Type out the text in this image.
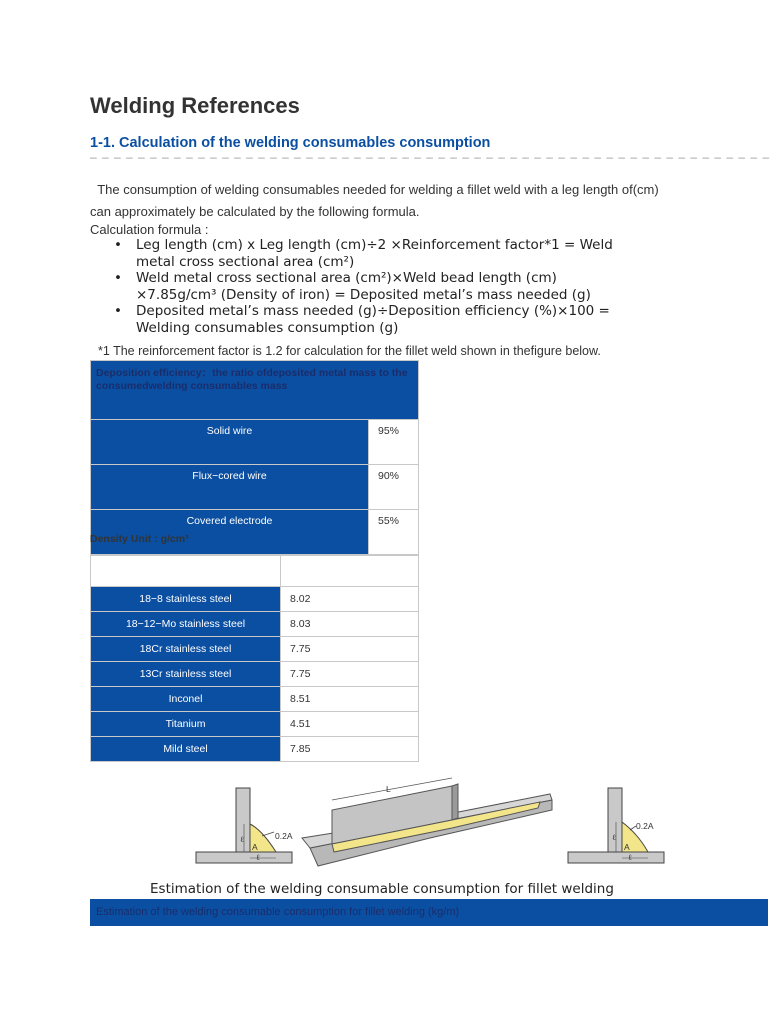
Welding References
1-1. Calculation of the welding consumables consumption
– – – – – – – – – – – – – – – – – – – – – – – – – – – – – – – – – – – – – – – – – – – – – – – – – – – – – – – – –
The consumption of welding consumables needed for welding a fillet weld with a leg length of(cm) can approximately be calculated by the following formula.
Calculation formula :
• Leg length (cm) x Leg length (cm)÷2 ×Reinforcement factor*1 = Weld metal cross sectional area (cm²)
• Weld metal cross sectional area (cm²)×Weld bead length (cm) ×7.85g/cm³ (Density of iron) = Deposited metal’s mass needed (g)
• Deposited metal’s mass needed (g)÷Deposition efficiency (%)×100 = Welding consumables consumption (g)
*1 The reinforcement factor is 1.2 for calculation for the fillet weld shown in thefigure below.
Deposition efficiency：the ratio ofdeposited metal mass to the consumedwelding consumables mass	
Solid wire	95%
Flux−cored wire	90%
Covered electrode	55%
Density Unit : g/cm³

18−8 stainless steel	8.02
18−12−Mo stainless steel	8.03
18Cr stainless steel	7.75
13Cr stainless steel	7.75
Inconel	8.51
Titanium	4.51
Mild steel	7.85
0.2A
A
ℓ
ℓ
L
0.2A
A
ℓ
ℓ
Estimation of the welding consumable consumption for fillet welding
Estimation of the welding consumable consumption for fillet welding (kg/m)
